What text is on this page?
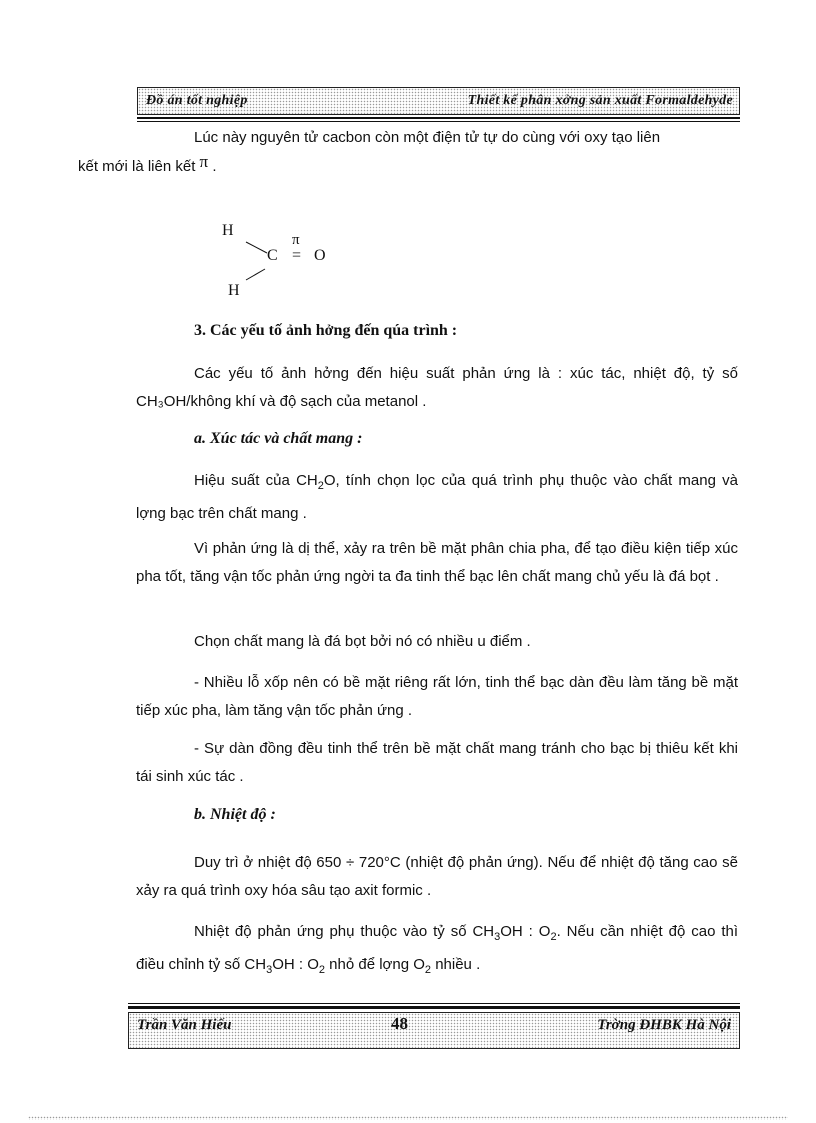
Đồ án tốt nghiệp	Thiết kế phân xởng sản xuất Formaldehyde
Lúc này nguyên tử cacbon còn một điện tử tự do cùng với oxy tạo liên
kết mới là liên kết π .
H
H
C
π
= O
3. Các yếu tố ảnh hởng đến qúa trình :
Các yếu tố ảnh hởng đến hiệu suất phản ứng là : xúc tác, nhiệt độ, tỷ số CH₃OH/không khí và độ sạch của metanol .
a. Xúc tác và chất mang :
Hiệu suất của $CH_2O$, tính chọn lọc của quá trình phụ thuộc vào chất mang và lợng bạc trên chất mang .
Vì phản ứng là dị thể, xảy ra trên bề mặt phân chia pha, để tạo điều kiện tiếp xúc pha tốt, tăng vận tốc phản ứng ngời ta đa tinh thể bạc lên chất mang chủ yếu là đá bọt .
Chọn chất mang là đá bọt bởi nó có nhiều u điểm .
- Nhiều lỗ xốp nên có bề mặt riêng rất lớn, tinh thể bạc dàn đều làm tăng bề mặt tiếp xúc pha, làm tăng vận tốc phản ứng .
- Sự dàn đồng đều tinh thể trên bề mặt chất mang tránh cho bạc bị thiêu kết khi tái sinh xúc tác .
b. Nhiệt độ :
Duy trì ở nhiệt độ 650 ÷ 720°C (nhiệt độ phản ứng). Nếu để nhiệt độ tăng cao sẽ xảy ra quá trình oxy hóa sâu tạo axit formic .
Nhiệt độ phản ứng phụ thuộc vào tỷ số $CH_3OH$ : $O_2$. Nếu cần nhiệt độ cao thì điều chỉnh tỷ số $CH_3OH$ : $O_2$ nhỏ để lợng $O_2$ nhiều .
Trần Văn Hiếu	48	Trờng ĐHBK Hà Nội
